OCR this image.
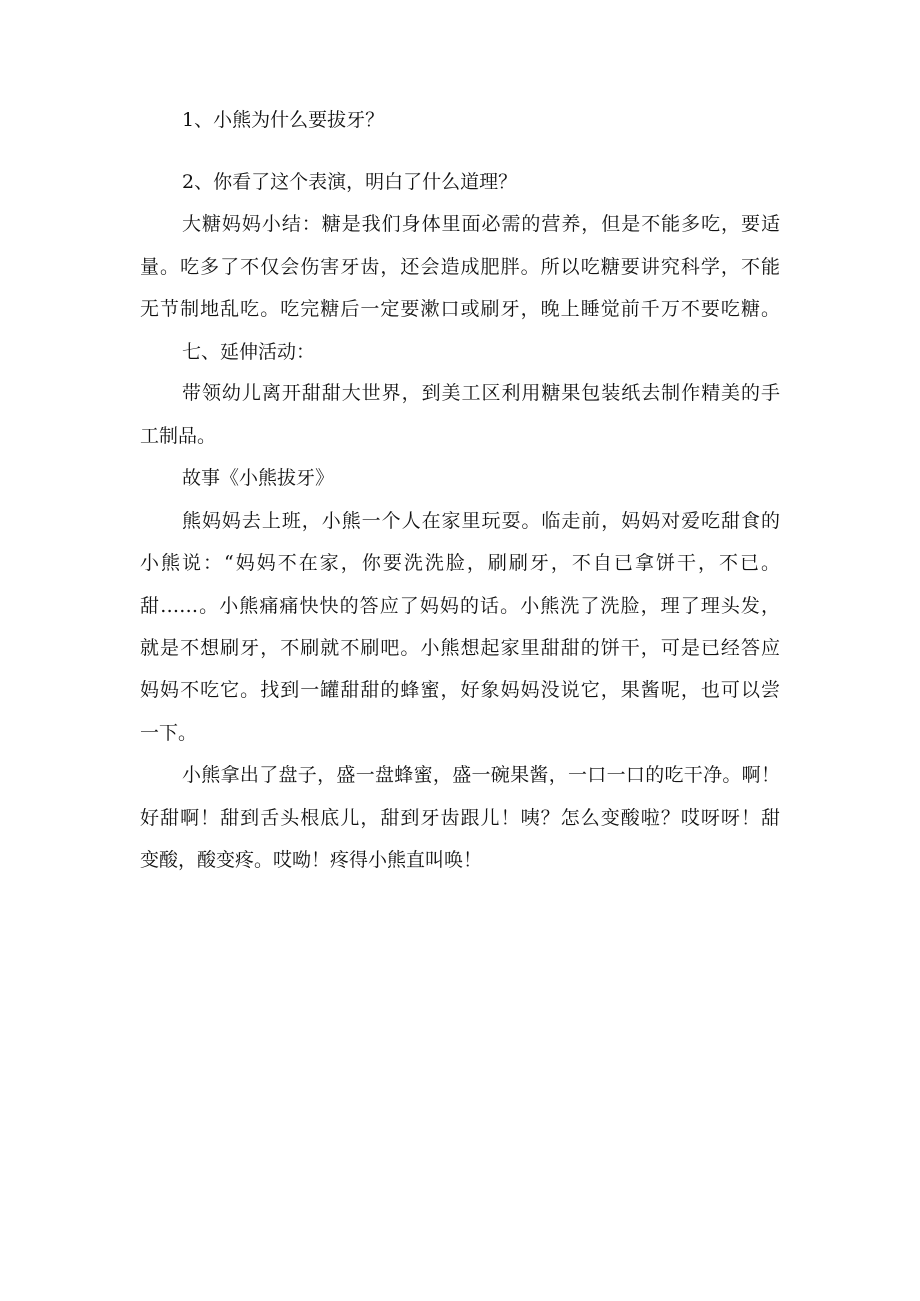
1、小熊为什么要拔牙？
2、你看了这个表演，明白了什么道理？
大糖妈妈小结：糖是我们身体里面必需的营养，但是不能多吃，要适
量。吃多了不仅会伤害牙齿，还会造成肥胖。所以吃糖要讲究科学，不能
无节制地乱吃。吃完糖后一定要漱口或刷牙，晚上睡觉前千万不要吃糖。
七、延伸活动：
带领幼儿离开甜甜大世界，到美工区利用糖果包装纸去制作精美的手
工制品。
故事《小熊拔牙》
熊妈妈去上班，小熊一个人在家里玩耍。临走前，妈妈对爱吃甜食的
小熊说：“妈妈不在家，你要洗洗脸，刷刷牙，不自已拿饼干，不已。
甜……。小熊痛痛快快的答应了妈妈的话。小熊洗了洗脸，理了理头发，
就是不想刷牙，不刷就不刷吧。小熊想起家里甜甜的饼干，可是已经答应
妈妈不吃它。找到一罐甜甜的蜂蜜，好象妈妈没说它，果酱呢，也可以尝
一下。
小熊拿出了盘子，盛一盘蜂蜜，盛一碗果酱，一口一口的吃干净。啊！
好甜啊！甜到舌头根底儿，甜到牙齿跟儿！咦？怎么变酸啦？哎呀呀！甜
变酸，酸变疼。哎呦！疼得小熊直叫唤！
